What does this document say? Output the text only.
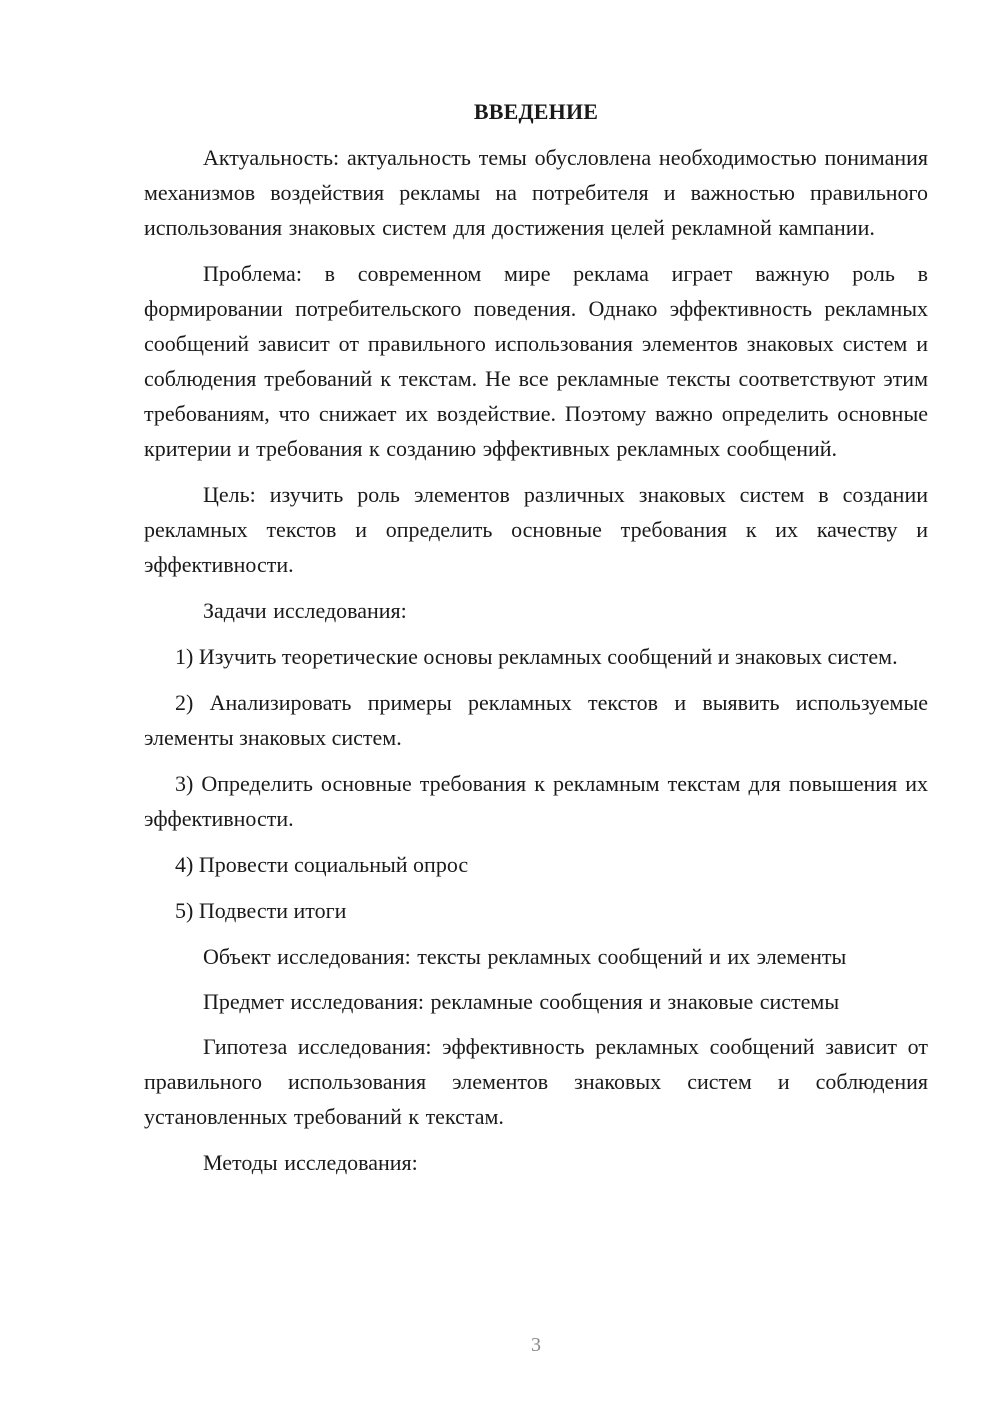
ВВЕДЕНИЕ

Актуальность: актуальность темы обусловлена необходимостью понимания механизмов воздействия рекламы на потребителя и важностью правильного использования знаковых систем для достижения целей рекламной кампании.

Проблема: в современном мире реклама играет важную роль в формировании потребительского поведения. Однако эффективность рекламных сообщений зависит от правильного использования элементов знаковых систем и соблюдения требований к текстам. Не все рекламные тексты соответствуют этим требованиям, что снижает их воздействие. Поэтому важно определить основные критерии и требования к созданию эффективных рекламных сообщений.

Цель: изучить роль элементов различных знаковых систем в создании рекламных текстов и определить основные требования к их качеству и эффективности.

Задачи исследования:

1) Изучить теоретические основы рекламных сообщений и знаковых систем.

2) Анализировать примеры рекламных текстов и выявить используемые элементы знаковых систем.

3) Определить основные требования к рекламным текстам для повышения их эффективности.

4) Провести социальный опрос

5) Подвести итоги

Объект исследования: тексты рекламных сообщений и их элементы

Предмет исследования: рекламные сообщения и знаковые системы

Гипотеза исследования: эффективность рекламных сообщений зависит от правильного использования элементов знаковых систем и соблюдения установленных требований к текстам.

Методы исследования:

3
